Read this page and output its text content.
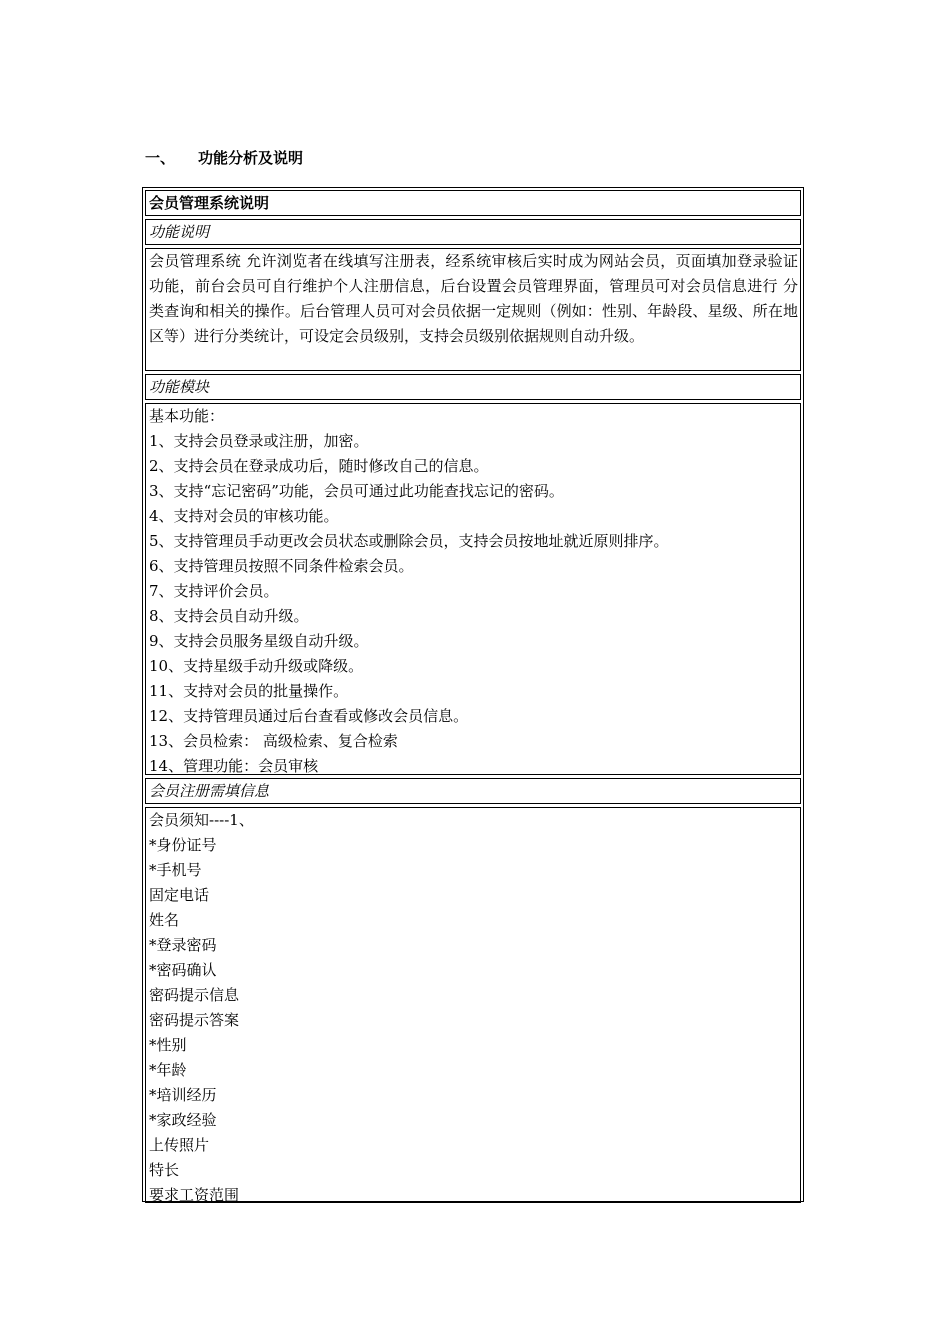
一、 功能分析及说明
会员管理系统说明
功能说明
会员管理系统 允许浏览者在线填写注册表，经系统审核后实时成为网站会员，页面填加登录验证功能，前台会员可自行维护个人注册信息，后台设置会员管理界面，管理员可对会员信息进行 分类查询和相关的操作。后台管理人员可对会员依据一定规则（例如：性别、年龄段、星级、所在地区等）进行分类统计，可设定会员级别，支持会员级别依据规则自动升级。
功能模块
基本功能：
1、支持会员登录或注册，加密。
2、支持会员在登录成功后，随时修改自己的信息。
3、支持“忘记密码”功能，会员可通过此功能查找忘记的密码。
4、支持对会员的审核功能。
5、支持管理员手动更改会员状态或删除会员，支持会员按地址就近原则排序。
6、支持管理员按照不同条件检索会员。
7、支持评价会员。
8、支持会员自动升级。
9、支持会员服务星级自动升级。
10、支持星级手动升级或降级。
11、支持对会员的批量操作。
12、支持管理员通过后台查看或修改会员信息。
13、会员检索： 高级检索、复合检索
14、管理功能：会员审核
会员注册需填信息
会员须知----1、
*身份证号
*手机号
固定电话
姓名
*登录密码
*密码确认
密码提示信息
密码提示答案
*性别
*年龄
*培训经历
*家政经验
上传照片
特长
要求工资范围
